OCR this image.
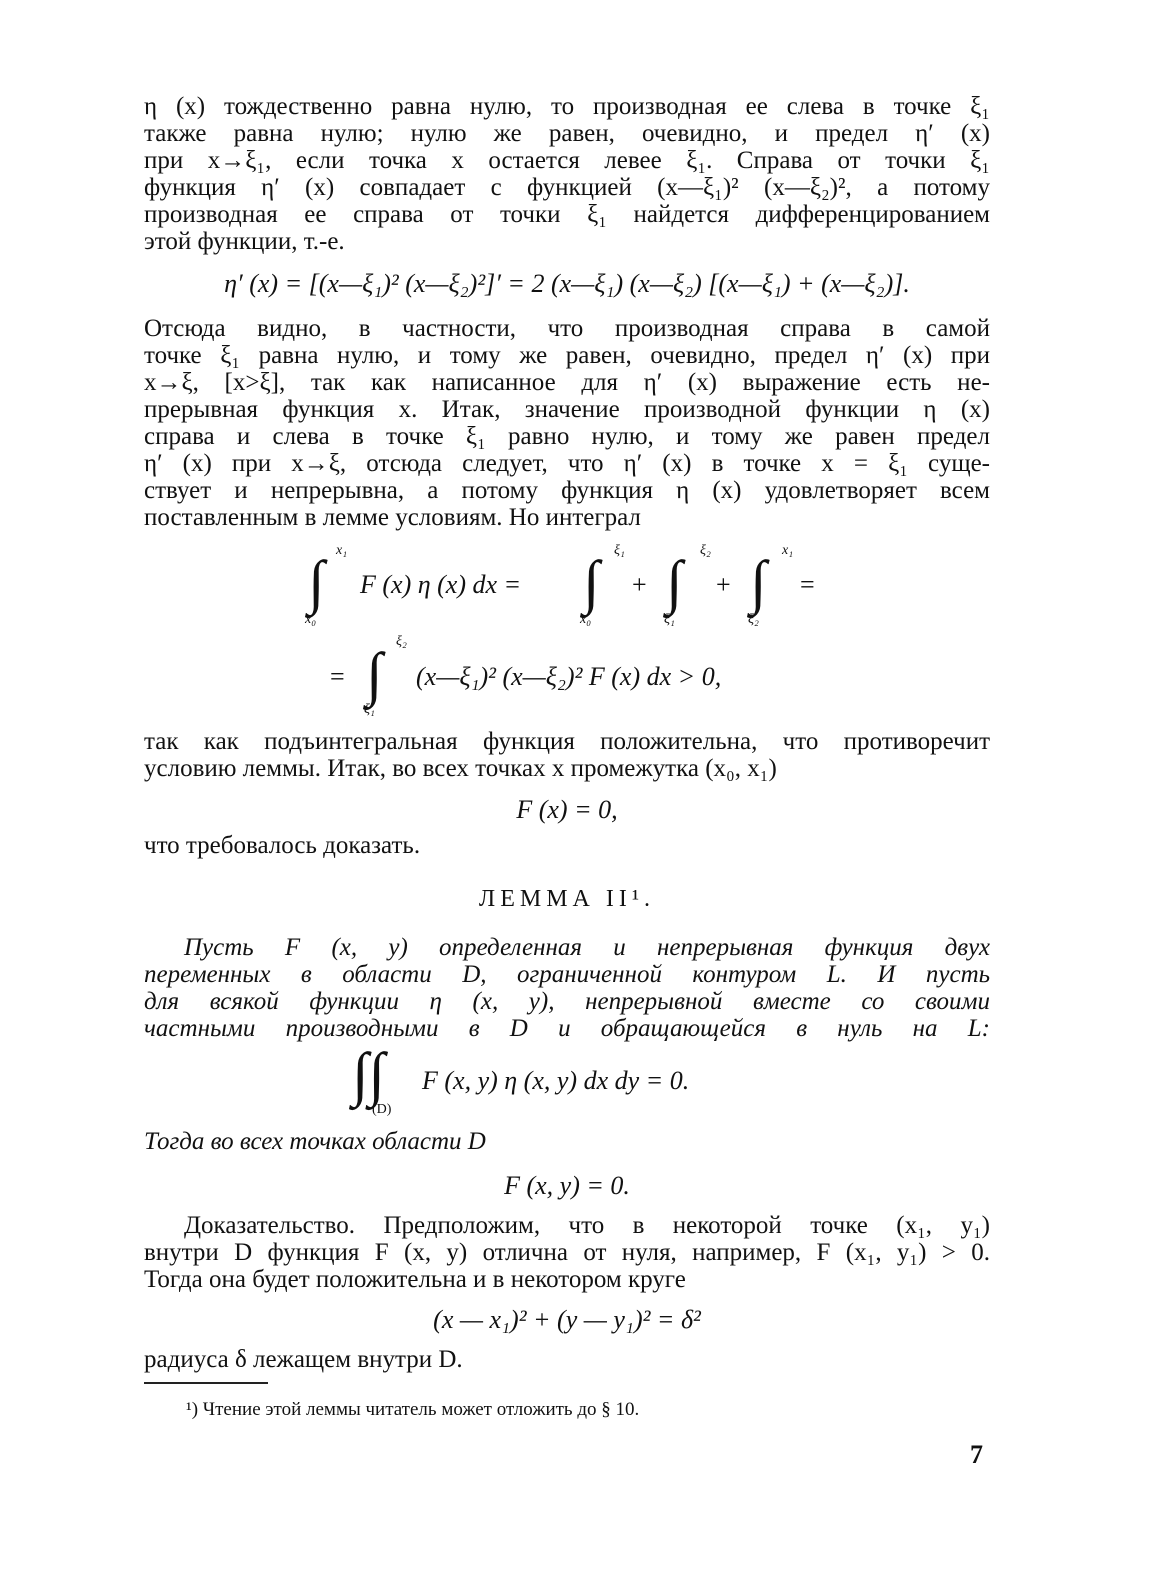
η (x) тождественно равна нулю, то производная ее слева в точке ξ₁
также равна нулю; нулю же равен, очевидно, и предел η′ (x)
при x→ξ₁, если точка x остается левее ξ₁. Справа от точки ξ₁
функция η′ (x) совпадает с функцией (x—ξ₁)² (x—ξ₂)², а потому
производная ее справа от точки ξ₁ найдется дифференцированием
этой функции, т.-е.
η′ (x) = [(x—ξ₁)² (x—ξ₂)²]′ = 2 (x—ξ₁) (x—ξ₂) [(x—ξ₁) + (x—ξ₂)].
Отсюда видно, в частности, что производная справа в самой
точке ξ₁ равна нулю, и тому же равен, очевидно, предел η′ (x) при
x→ξ, [x>ξ], так как написанное для η′ (x) выражение есть не-
прерывная функция x. Итак, значение производной функции η (x)
справа и слева в точке ξ₁ равно нулю, и тому же равен предел
η′ (x) при x→ξ, отсюда следует, что η′ (x) в точке x = ξ₁ суще-
ствует и непрерывна, а потому функция η (x) удовлетворяет всем
поставленным в лемме условиям. Но интеграл
∫ x₁
x₀
F (x) η (x) dx = ∫ ξ₁
x₀
+ ∫ ξ₂
ξ₁
+ ∫ x₁
ξ₂
=
= ∫ ξ₂
ξ₁
(x—ξ₁)² (x—ξ₂)² F (x) dx > 0,
так как подъинтегральная функция положительна, что противоречит
условию леммы. Итак, во всех точках x промежутка (x₀, x₁)
F (x) = 0,
что требовалось доказать.
ЛЕММА II¹.
Пусть F (x, y) определенная и непрерывная функция двух
переменных в области D, ограниченной контуром L. И пусть
для всякой функции η (x, y), непрерывной вместе со своими
частными производными в D и обращающейся в нуль на L:
∫∫
(D)
F (x, y) η (x, y) dx dy = 0.
Тогда во всех точках области D
F (x, y) = 0.
Доказательство. Предположим, что в некоторой точке (x₁, y₁)
внутри D функция F (x, y) отлична от нуля, например, F (x₁, y₁) > 0.
Тогда она будет положительна и в некотором круге
(x — x₁)² + (y — y₁)² = δ²
радиуса δ лежащем внутри D.
¹) Чтение этой леммы читатель может отложить до § 10.
7
